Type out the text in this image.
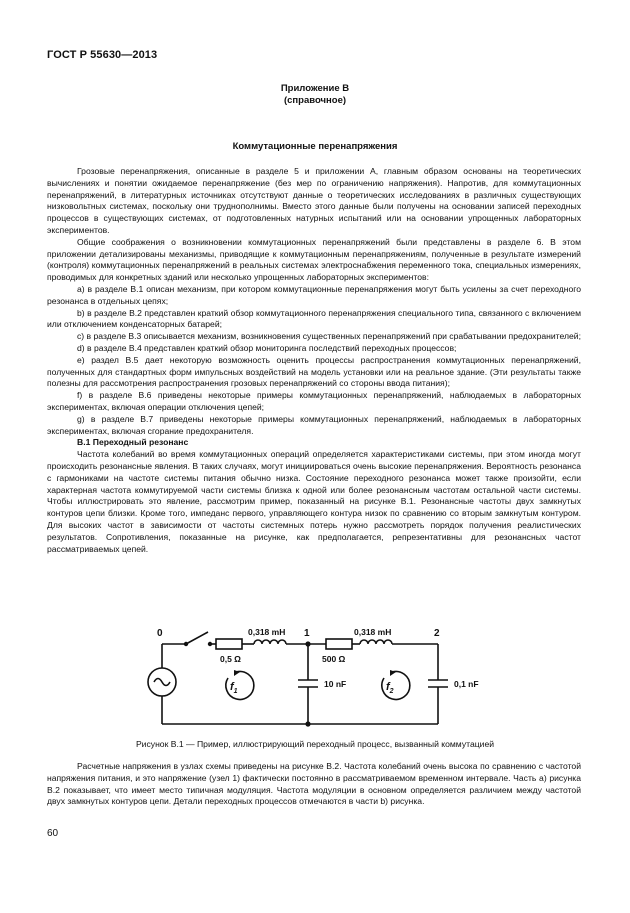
ГОСТ Р 55630—2013
Приложение В
(справочное)
Коммутационные перенапряжения

Грозовые перенапряжения, описанные в разделе 5 и приложении А, главным образом основаны на теоретических вычислениях и понятии ожидаемое перенапряжение (без мер по ограничению напряжения). Напротив, для коммутационных перенапряжений, в литературных источниках отсутствуют данные о теоретических исследованиях в различных существующих низковольтных системах, поскольку они труднополнимы. Вместо этого данные были получены на основании записей переходных процессов в существующих системах, от подготовленных натурных испытаний или на основании упрощенных лабораторных экспериментов.

Общие соображения о возникновении коммутационных перенапряжений были представлены в разделе 6. В этом приложении детализированы механизмы, приводящие к коммутационным перенапряжениям, полученные в результате измерений (контроля) коммутационных перенапряжений в реальных системах электроснабжения переменного тока, специальных измерениях, проводимых для конкретных зданий или несколько упрощенных лабораторных экспериментов:

a) в разделе В.1 описан механизм, при котором коммутационные перенапряжения могут быть усилены за счет переходного резонанса в отдельных цепях;

b) в разделе В.2 представлен краткий обзор коммутационного перенапряжения специального типа, связанного с включением или отключением конденсаторных батарей;

c) в разделе В.3 описывается механизм, возникновения существенных перенапряжений при срабатывании предохранителей;

d) в разделе В.4 представлен краткий обзор мониторинга последствий переходных процессов;

e) раздел В.5 дает некоторую возможность оценить процессы распространения коммутационных перенапряжений, полученных для стандартных форм импульсных воздействий на модель установки или на реальное здание. (Эти результаты также полезны для рассмотрения распространения грозовых перенапряжений со стороны ввода питания);

f) в разделе В.6 приведены некоторые примеры коммутационных перенапряжений, наблюдаемых в лабораторных экспериментах, включая операции отключения цепей;

g) в разделе В.7 приведены некоторые примеры коммутационных перенапряжений, наблюдаемых в лабораторных экспериментах, включая сгорание предохранителя.

В.1 Переходный резонанс

Частота колебаний во время коммутационных операций определяется характеристиками системы, при этом иногда могут происходить резонансные явления. В таких случаях, могут инициироваться очень высокие перенапряжения. Вероятность резонанса с гармониками на частоте системы питания обычно низка. Состояние переходного резонанса может также произойти, если характерная частота коммутируемой части системы близка к одной или более резонансным частотам остальной части системы. Чтобы иллюстрировать это явление, рассмотрим пример, показанный на рисунке В.1. Резонансные частоты двух замкнутых контуров цепи близки. Кроме того, импеданс первого, управляющего контура низок по сравнению со вторым замкнутым контуром. Для высоких частот в зависимости от частоты системных потерь нужно рассмотреть порядок получения реалистических результатов. Сопротивления, показанные на рисунке, как предполагается, репрезентативны для резонансных частот рассматриваемых цепей.

0	1	2
0,5 Ω
0,318 mH
500 Ω
0,318 mH
10 nF	0,1 nF
$f_1$	$f_2$
Рисунок В.1 — Пример, иллюстрирующий переходный процесс, вызванный коммутацией

Расчетные напряжения в узлах схемы приведены на рисунке В.2. Частота колебаний очень высока по сравнению с частотой напряжения питания, и это напряжение (узел 1) фактически постоянно в рассматриваемом временном интервале. Часть а) рисунка В.2 показывает, что имеет место типичная модуляция. Частота модуляции в основном определяется различием между частотой двух замкнутых контуров цепи. Детали переходных процессов отмечаются в части b) рисунка.

60
